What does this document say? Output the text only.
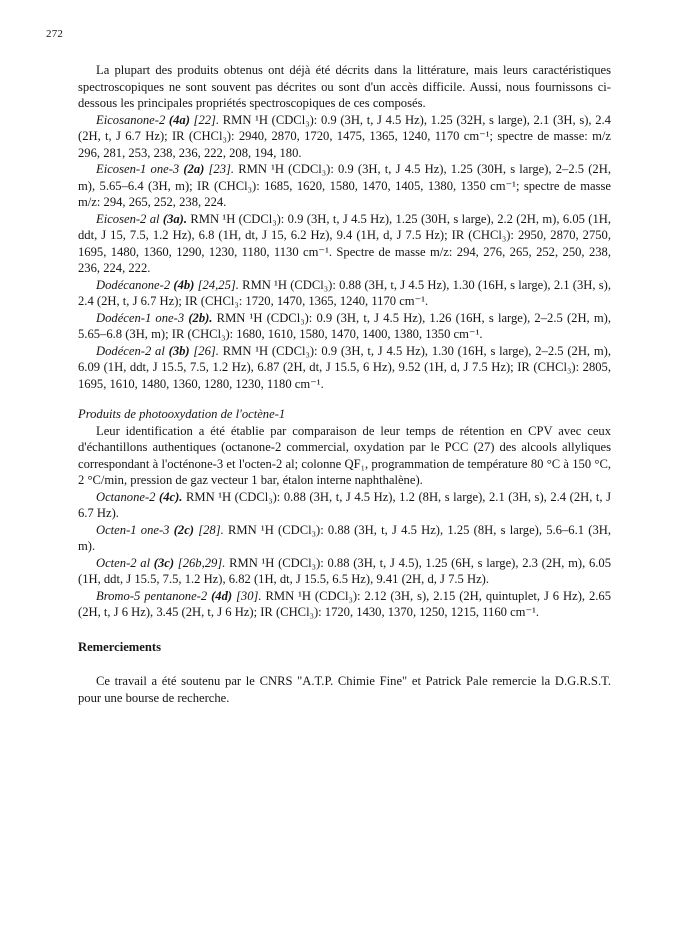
272

La plupart des produits obtenus ont déjà été décrits dans la littérature, mais leurs caractéristiques spectroscopiques ne sont souvent pas décrites ou sont d'un accès difficile. Aussi, nous fournissons ci-dessous les principales propriétés spectroscopiques de ces composés.

Eicosanone-2 (4a) [22]. RMN ¹H (CDCl₃): 0.9 (3H, t, J 4.5 Hz), 1.25 (32H, s large), 2.1 (3H, s), 2.4 (2H, t, J 6.7 Hz); IR (CHCl₃): 2940, 2870, 1720, 1475, 1365, 1240, 1170 cm⁻¹; spectre de masse: m/z 296, 281, 253, 238, 236, 222, 208, 194, 180.

Eicosen-1 one-3 (2a) [23]. RMN ¹H (CDCl₃): 0.9 (3H, t, J 4.5 Hz), 1.25 (30H, s large), 2–2.5 (2H, m), 5.65–6.4 (3H, m); IR (CHCl₃): 1685, 1620, 1580, 1470, 1405, 1380, 1350 cm⁻¹; spectre de masse m/z: 294, 265, 252, 238, 224.

Eicosen-2 al (3a). RMN ¹H (CDCl₃): 0.9 (3H, t, J 4.5 Hz), 1.25 (30H, s large), 2.2 (2H, m), 6.05 (1H, ddt, J 15, 7.5, 1.2 Hz), 6.8 (1H, dt, J 15, 6.2 Hz), 9.4 (1H, d, J 7.5 Hz); IR (CHCl₃): 2950, 2870, 2750, 1695, 1480, 1360, 1290, 1230, 1180, 1130 cm⁻¹. Spectre de masse m/z: 294, 276, 265, 252, 250, 238, 236, 224, 222.

Dodécanone-2 (4b) [24,25]. RMN ¹H (CDCl₃): 0.88 (3H, t, J 4.5 Hz), 1.30 (16H, s large), 2.1 (3H, s), 2.4 (2H, t, J 6.7 Hz); IR (CHCl₃: 1720, 1470, 1365, 1240, 1170 cm⁻¹.

Dodécen-1 one-3 (2b). RMN ¹H (CDCl₃): 0.9 (3H, t, J 4.5 Hz), 1.26 (16H, s large), 2–2.5 (2H, m), 5.65–6.8 (3H, m); IR (CHCl₃): 1680, 1610, 1580, 1470, 1400, 1380, 1350 cm⁻¹.

Dodécen-2 al (3b) [26]. RMN ¹H (CDCl₃): 0.9 (3H, t, J 4.5 Hz), 1.30 (16H, s large), 2–2.5 (2H, m), 6.09 (1H, ddt, J 15.5, 7.5, 1.2 Hz), 6.87 (2H, dt, J 15.5, 6 Hz), 9.52 (1H, d, J 7.5 Hz); IR (CHCl₃): 2805, 1695, 1610, 1480, 1360, 1280, 1230, 1180 cm⁻¹.

Produits de photooxydation de l'octène-1

Leur identification a été établie par comparaison de leur temps de rétention en CPV avec ceux d'échantillons authentiques (octanone-2 commercial, oxydation par le PCC (27) des alcools allyliques correspondant à l'octénone-3 et l'octen-2 al; colonne QF₁, programmation de température 80 °C à 150 °C, 2 °C/min, pression de gaz vecteur 1 bar, étalon interne naphthalène).

Octanone-2 (4c). RMN ¹H (CDCl₃): 0.88 (3H, t, J 4.5 Hz), 1.2 (8H, s large), 2.1 (3H, s), 2.4 (2H, t, J 6.7 Hz).

Octen-1 one-3 (2c) [28]. RMN ¹H (CDCl₃): 0.88 (3H, t, J 4.5 Hz), 1.25 (8H, s large), 5.6–6.1 (3H, m).

Octen-2 al (3c) [26b,29]. RMN ¹H (CDCl₃): 0.88 (3H, t, J 4.5), 1.25 (6H, s large), 2.3 (2H, m), 6.05 (1H, ddt, J 15.5, 7.5, 1.2 Hz), 6.82 (1H, dt, J 15.5, 6.5 Hz), 9.41 (2H, d, J 7.5 Hz).

Bromo-5 pentanone-2 (4d) [30]. RMN ¹H (CDCl₃): 2.12 (3H, s), 2.15 (2H, quintuplet, J 6 Hz), 2.65 (2H, t, J 6 Hz), 3.45 (2H, t, J 6 Hz); IR (CHCl₃): 1720, 1430, 1370, 1250, 1215, 1160 cm⁻¹.

Remerciements

Ce travail a été soutenu par le CNRS "A.T.P. Chimie Fine" et Patrick Pale remercie la D.G.R.S.T. pour une bourse de recherche.
